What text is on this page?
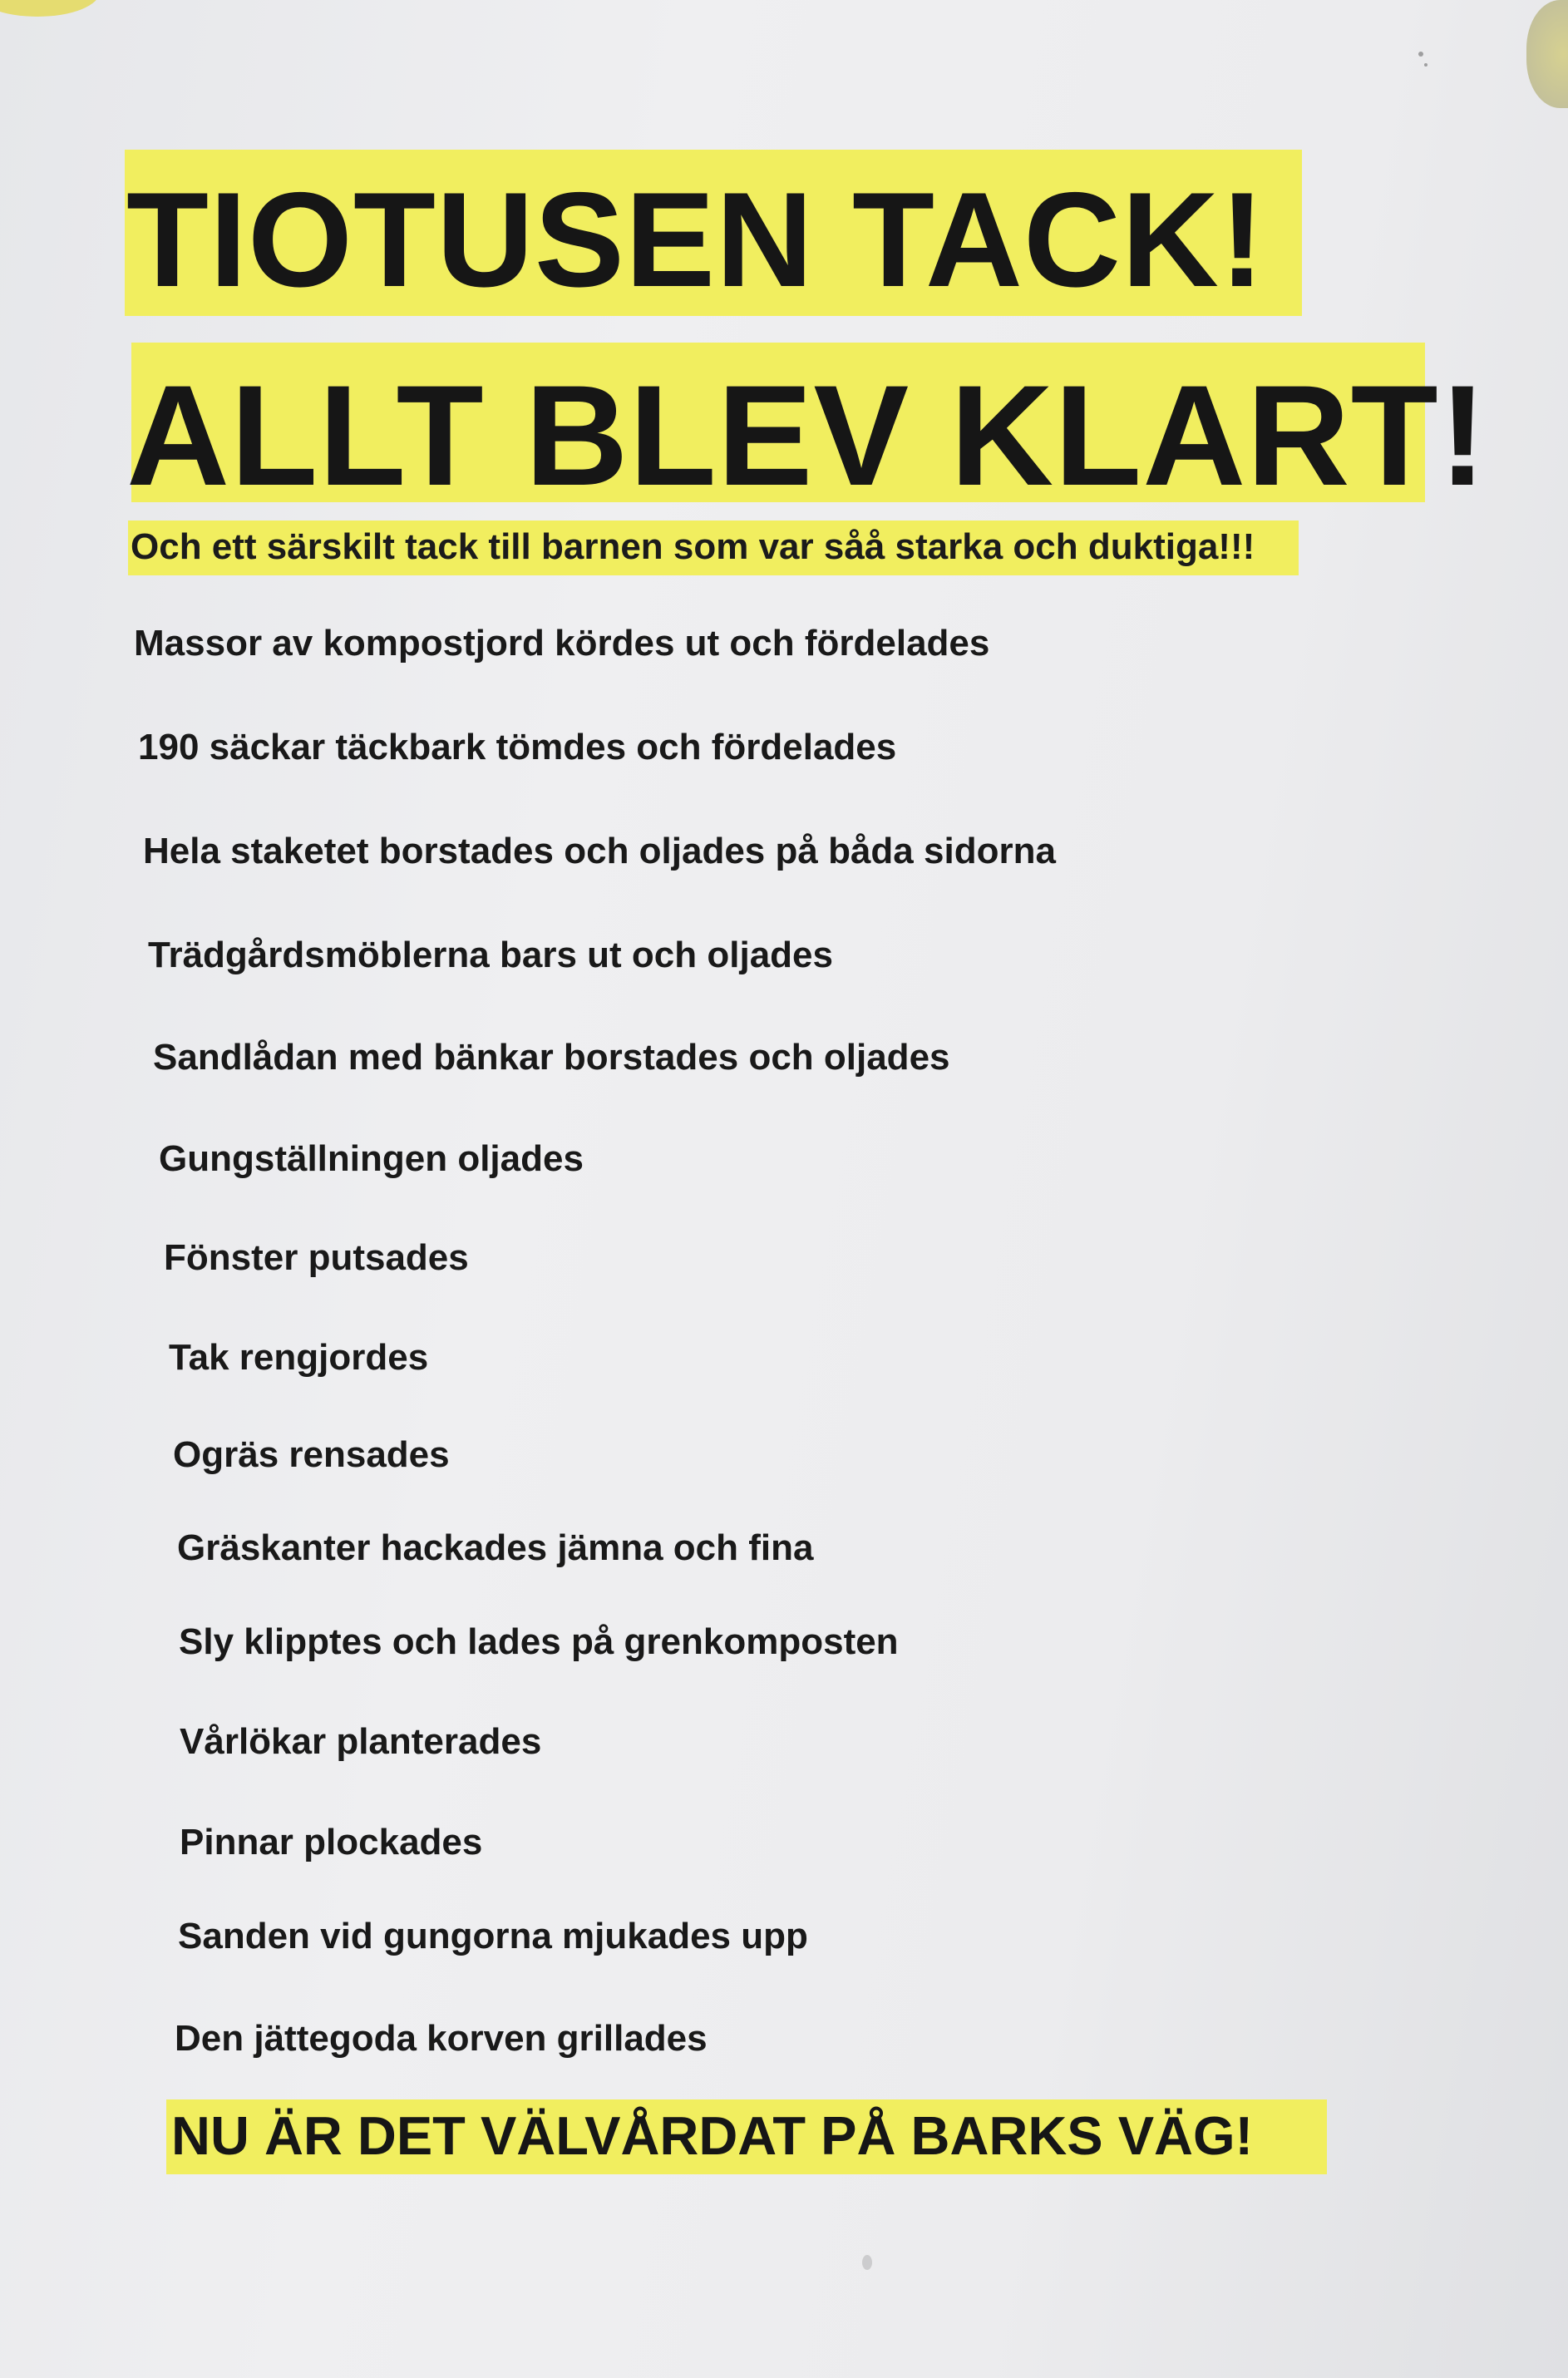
TIOTUSEN TACK!
ALLT BLEV KLART!

Och ett särskilt tack till barnen som var såå starka och duktiga!!!

Massor av kompostjord kördes ut och fördelades
190 säckar täckbark tömdes och fördelades
Hela staketet borstades och oljades på båda sidorna
Trädgårdsmöblerna bars ut och oljades
Sandlådan med bänkar borstades och oljades
Gungställningen oljades
Fönster putsades
Tak rengjordes
Ogräs rensades
Gräskanter hackades jämna och fina
Sly klipptes och lades på grenkomposten
Vårlökar planterades
Pinnar plockades
Sanden vid gungorna mjukades upp
Den jättegoda korven grillades

NU ÄR DET VÄLVÅRDAT PÅ BARKS VÄG!
